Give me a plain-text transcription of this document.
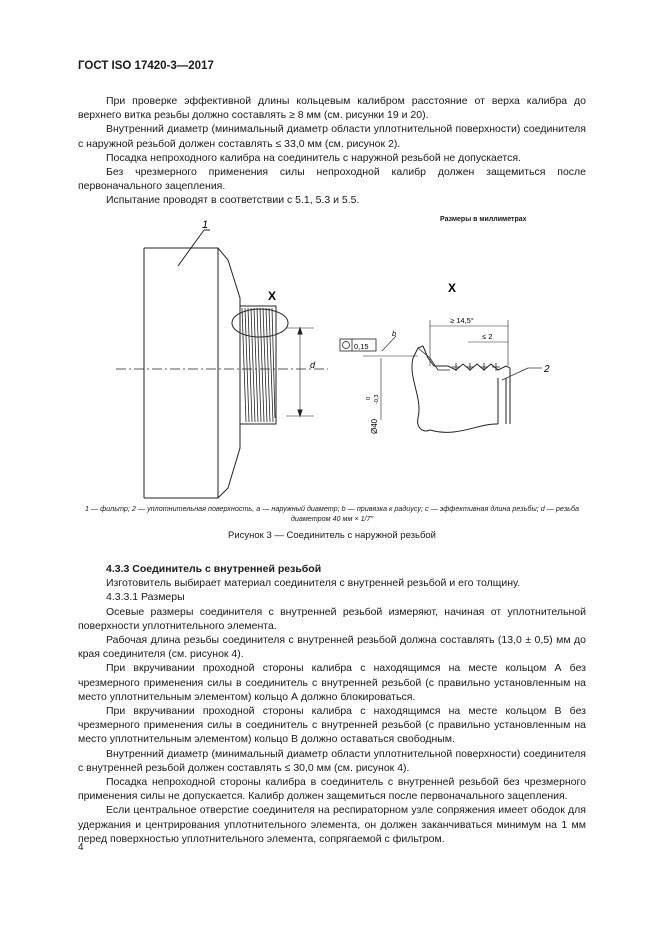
ГОСТ ISO 17420-3—2017

При проверке эффективной длины кольцевым калибром расстояние от верха калибра до верхнего витка резьбы должно составлять ≥ 8 мм (см. рисунки 19 и 20).

Внутренний диаметр (минимальный диаметр области уплотнительной поверхности) соединителя с наружной резьбой должен составлять ≤ 33,0 мм (см. рисунок 2).

Посадка непроходного калибра на соединитель с наружной резьбой не допускается.

Без чрезмерного применения силы непроходной калибр должен защемиться после первоначального зацепления.

Испытание проводят в соответствии с 5.1, 5.3 и 5.5.

Размеры в миллиметрах
1
X
d
X
≥ 14,5°
≤ 2
0,15
b
Ø40
0 -0,3
2
1 — фильтр; 2 — уплотнительная поверхность, a — наружный диаметр; b — привязка к радиусу; c — эффективная длина резьбы; d — резьба диаметром 40 мм × 1/7"
Рисунок 3 — Соединитель с наружной резьбой
4.3.3 Соединитель с внутренней резьбой

Изготовитель выбирает материал соединителя с внутренней резьбой и его толщину.

4.3.3.1 Размеры

Осевые размеры соединителя с внутренней резьбой измеряют, начиная от уплотнительной поверхности уплотнительного элемента.

Рабочая длина резьбы соединителя с внутренней резьбой должна составлять (13,0 ± 0,5) мм до края соединителя (см. рисунок 4).

При вкручивании проходной стороны калибра с находящимся на месте кольцом А без чрезмерного применения силы в соединитель с внутренней резьбой (с правильно установленным на место уплотнительным элементом) кольцо А должно блокироваться.

При вкручивании проходной стороны калибра с находящимся на месте кольцом В без чрезмерного применения силы в соединитель с внутренней резьбой (с правильно установленным на место уплотнительным элементом) кольцо В должно оставаться свободным.

Внутренний диаметр (минимальный диаметр области уплотнительной поверхности) соединителя с внутренней резьбой должен составлять ≤ 30,0 мм (см. рисунок 4).

Посадка непроходной стороны калибра в соединитель с внутренней резьбой без чрезмерного применения силы не допускается. Калибр должен защемиться после первоначального зацепления.

Если центральное отверстие соединителя на респираторном узле сопряжения имеет ободок для удержания и центрирования уплотнительного элемента, он должен заканчиваться минимум на 1 мм перед поверхностью уплотнительного элемента, сопрягаемой с фильтром.

4
